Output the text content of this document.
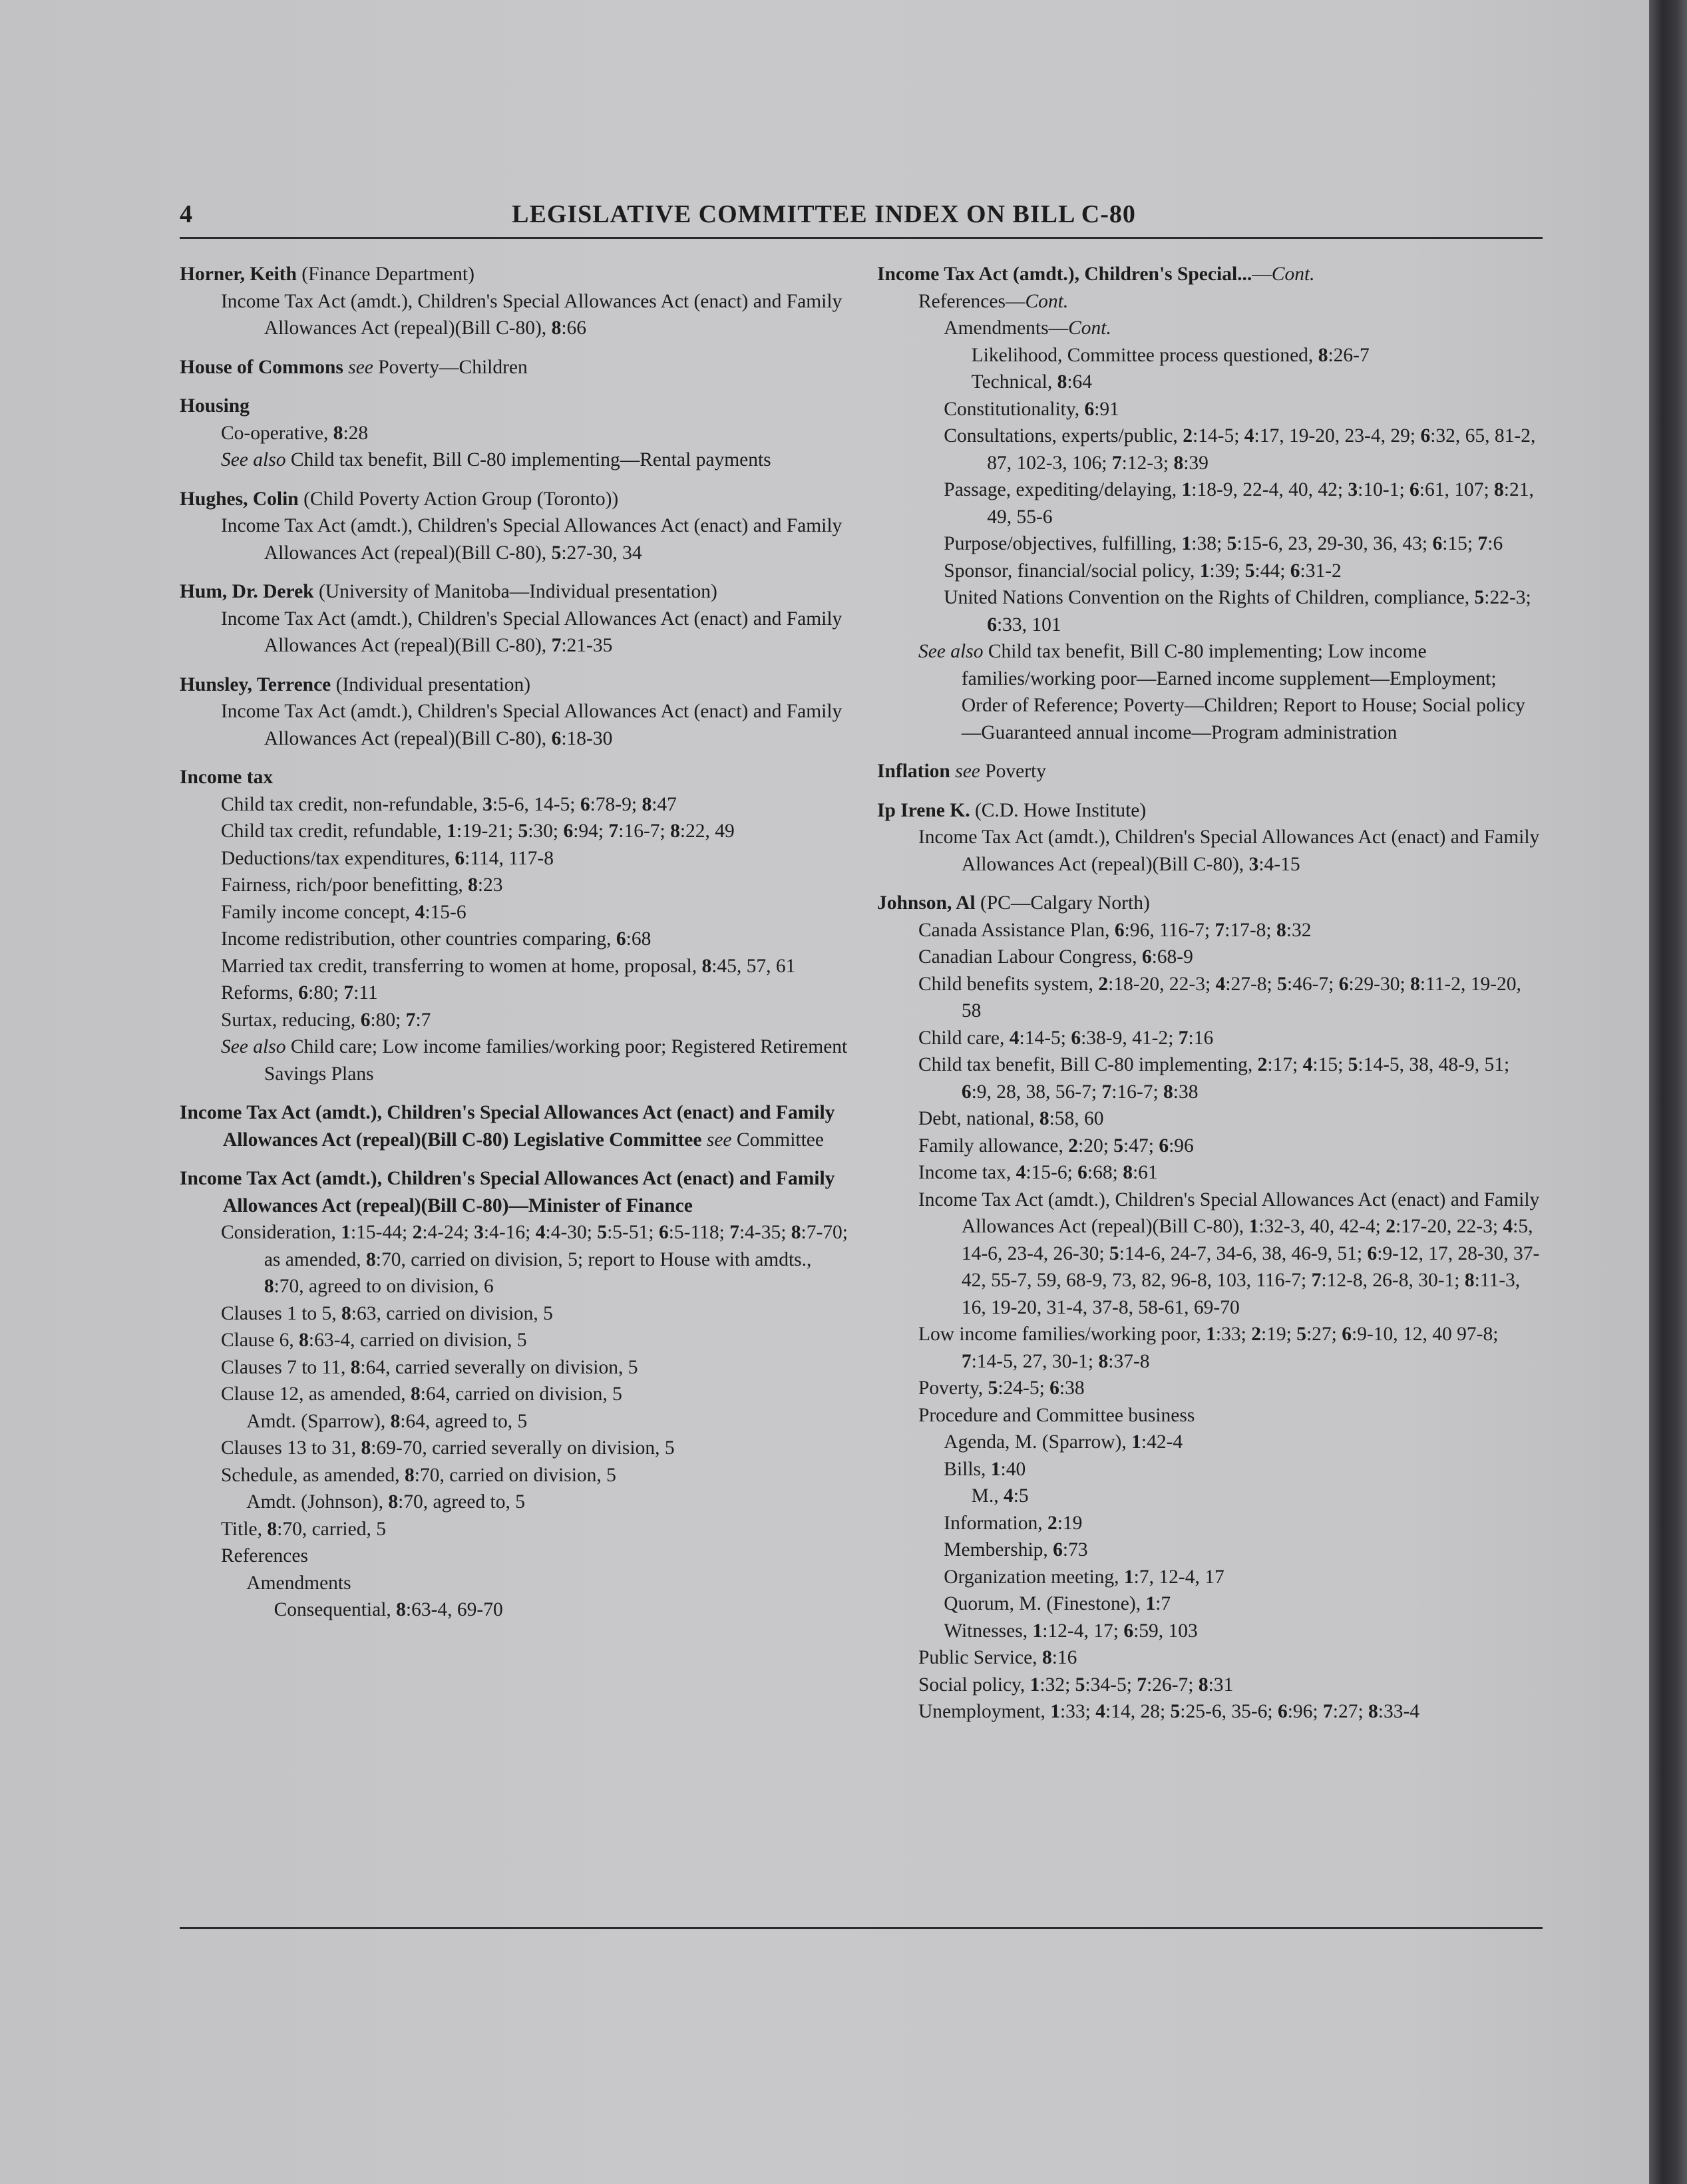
4	LEGISLATIVE COMMITTEE INDEX ON BILL C-80
Horner, Keith (Finance Department)
Income Tax Act (amdt.), Children's Special Allowances Act (enact) and Family Allowances Act (repeal)(Bill C-80), 8:66
House of Commons see Poverty—Children
Housing
Co-operative, 8:28
See also Child tax benefit, Bill C-80 implementing—Rental payments
Hughes, Colin (Child Poverty Action Group (Toronto))
Income Tax Act (amdt.), Children's Special Allowances Act (enact) and Family Allowances Act (repeal)(Bill C-80), 5:27-30, 34
Hum, Dr. Derek (University of Manitoba—Individual presentation)
Income Tax Act (amdt.), Children's Special Allowances Act (enact) and Family Allowances Act (repeal)(Bill C-80), 7:21-35
Hunsley, Terrence (Individual presentation)
Income Tax Act (amdt.), Children's Special Allowances Act (enact) and Family Allowances Act (repeal)(Bill C-80), 6:18-30
Income tax
Child tax credit, non-refundable, 3:5-6, 14-5; 6:78-9; 8:47
Child tax credit, refundable, 1:19-21; 5:30; 6:94; 7:16-7; 8:22, 49
Deductions/tax expenditures, 6:114, 117-8
Fairness, rich/poor benefitting, 8:23
Family income concept, 4:15-6
Income redistribution, other countries comparing, 6:68
Married tax credit, transferring to women at home, proposal, 8:45, 57, 61
Reforms, 6:80; 7:11
Surtax, reducing, 6:80; 7:7
See also Child care; Low income families/working poor; Registered Retirement Savings Plans
Income Tax Act (amdt.), Children's Special Allowances Act (enact) and Family Allowances Act (repeal)(Bill C-80) Legislative Committee see Committee
Income Tax Act (amdt.), Children's Special Allowances Act (enact) and Family Allowances Act (repeal)(Bill C-80)—Minister of Finance
Consideration, 1:15-44; 2:4-24; 3:4-16; 4:4-30; 5:5-51; 6:5-118; 7:4-35; 8:7-70; as amended, 8:70, carried on division, 5; report to House with amdts., 8:70, agreed to on division, 6
Clauses 1 to 5, 8:63, carried on division, 5
Clause 6, 8:63-4, carried on division, 5
Clauses 7 to 11, 8:64, carried severally on division, 5
Clause 12, as amended, 8:64, carried on division, 5
Amdt. (Sparrow), 8:64, agreed to, 5
Clauses 13 to 31, 8:69-70, carried severally on division, 5
Schedule, as amended, 8:70, carried on division, 5
Amdt. (Johnson), 8:70, agreed to, 5
Title, 8:70, carried, 5
References
Amendments
Consequential, 8:63-4, 69-70
Income Tax Act (amdt.), Children's Special...—Cont.
References—Cont.
Amendments—Cont.
Likelihood, Committee process questioned, 8:26-7
Technical, 8:64
Constitutionality, 6:91
Consultations, experts/public, 2:14-5; 4:17, 19-20, 23-4, 29; 6:32, 65, 81-2, 87, 102-3, 106; 7:12-3; 8:39
Passage, expediting/delaying, 1:18-9, 22-4, 40, 42; 3:10-1; 6:61, 107; 8:21, 49, 55-6
Purpose/objectives, fulfilling, 1:38; 5:15-6, 23, 29-30, 36, 43; 6:15; 7:6
Sponsor, financial/social policy, 1:39; 5:44; 6:31-2
United Nations Convention on the Rights of Children, compliance, 5:22-3; 6:33, 101
See also Child tax benefit, Bill C-80 implementing; Low income families/working poor—Earned income supplement—Employment; Order of Reference; Poverty—Children; Report to House; Social policy—Guaranteed annual income—Program administration
Inflation see Poverty
Ip Irene K. (C.D. Howe Institute)
Income Tax Act (amdt.), Children's Special Allowances Act (enact) and Family Allowances Act (repeal)(Bill C-80), 3:4-15
Johnson, Al (PC—Calgary North)
Canada Assistance Plan, 6:96, 116-7; 7:17-8; 8:32
Canadian Labour Congress, 6:68-9
Child benefits system, 2:18-20, 22-3; 4:27-8; 5:46-7; 6:29-30; 8:11-2, 19-20, 58
Child care, 4:14-5; 6:38-9, 41-2; 7:16
Child tax benefit, Bill C-80 implementing, 2:17; 4:15; 5:14-5, 38, 48-9, 51; 6:9, 28, 38, 56-7; 7:16-7; 8:38
Debt, national, 8:58, 60
Family allowance, 2:20; 5:47; 6:96
Income tax, 4:15-6; 6:68; 8:61
Income Tax Act (amdt.), Children's Special Allowances Act (enact) and Family Allowances Act (repeal)(Bill C-80), 1:32-3, 40, 42-4; 2:17-20, 22-3; 4:5, 14-6, 23-4, 26-30; 5:14-6, 24-7, 34-6, 38, 46-9, 51; 6:9-12, 17, 28-30, 37-42, 55-7, 59, 68-9, 73, 82, 96-8, 103, 116-7; 7:12-8, 26-8, 30-1; 8:11-3, 16, 19-20, 31-4, 37-8, 58-61, 69-70
Low income families/working poor, 1:33; 2:19; 5:27; 6:9-10, 12, 40 97-8; 7:14-5, 27, 30-1; 8:37-8
Poverty, 5:24-5; 6:38
Procedure and Committee business
Agenda, M. (Sparrow), 1:42-4
Bills, 1:40
M., 4:5
Information, 2:19
Membership, 6:73
Organization meeting, 1:7, 12-4, 17
Quorum, M. (Finestone), 1:7
Witnesses, 1:12-4, 17; 6:59, 103
Public Service, 8:16
Social policy, 1:32; 5:34-5; 7:26-7; 8:31
Unemployment, 1:33; 4:14, 28; 5:25-6, 35-6; 6:96; 7:27; 8:33-4
